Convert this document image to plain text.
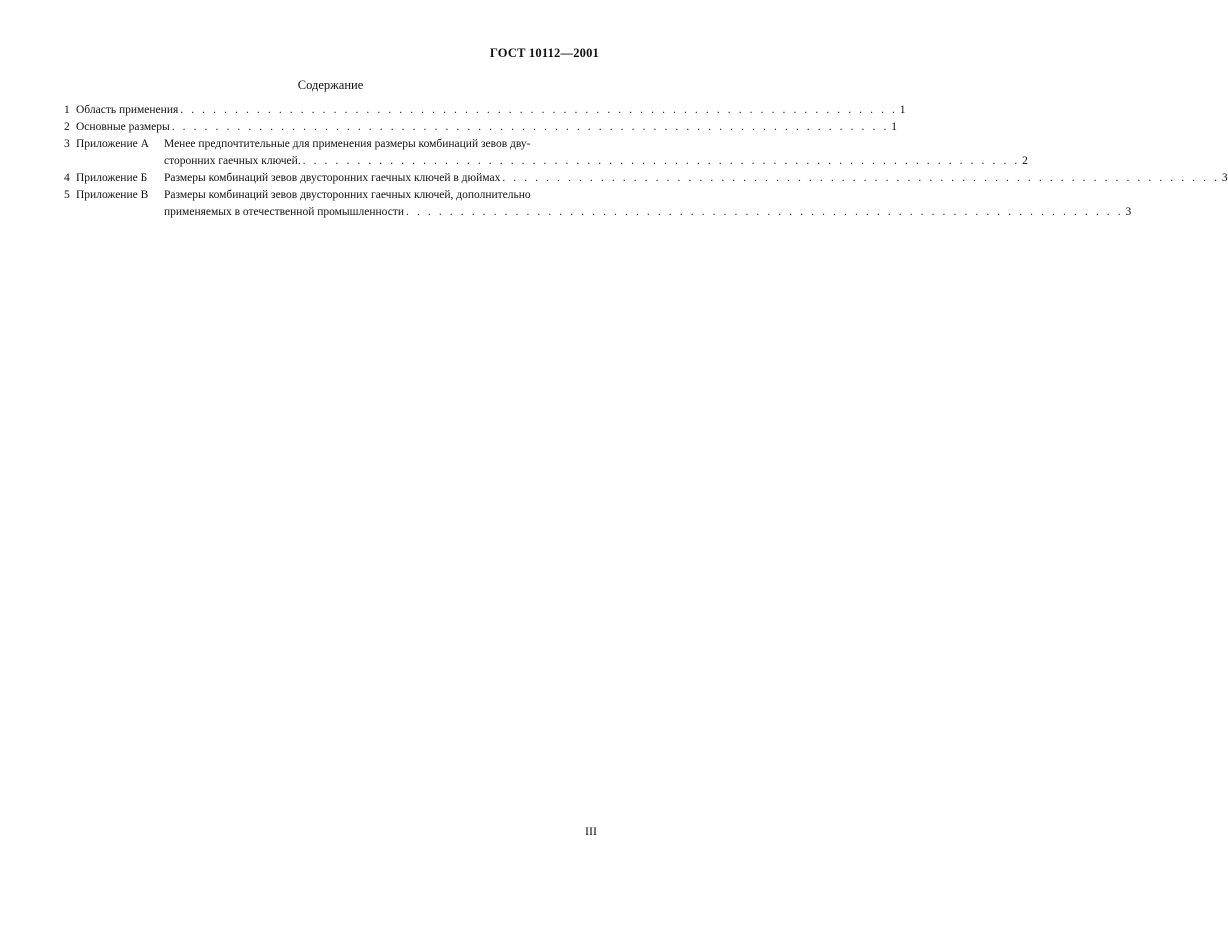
ГОСТ 10112—2001
Содержание
1 Область применения . . . . . . . . . . . . . . . . . . . . . . . . . . . . . . . . . . . . . . . . . . . . . . . . . . . . . . . . . . . . . . . . . . 1
2 Основные размеры . . . . . . . . . . . . . . . . . . . . . . . . . . . . . . . . . . . . . . . . . . . . . . . . . . . . . . . . . . . . . . . . . . 1
3 Приложение А	Менее предпочтительные для применения размеры комбинаций зевов дву-
сторонних гаечных ключей. . . . . . . . . . . . . . . . . . . . . . . . . . . . . . . . . . . . . . . . . . . . . . . . . . . . . . . . . . . . . . . . . . . 2
4 Приложение Б	Размеры комбинаций зевов двусторонних гаечных ключей в дюймах . . . . . . . . . . . . . . . . . . . . . . . . . . . . . . . . . . . . . . . . . . . . . . . . . . . . . . . . . . . . . . . . . . 3
5 Приложение В	Размеры комбинаций зевов двусторонних гаечных ключей, дополнительно
применяемых в отечественной промышленности . . . . . . . . . . . . . . . . . . . . . . . . . . . . . . . . . . . . . . . . . . . . . . . . . . . . . . . . . . . . . . . . . . 3
III
